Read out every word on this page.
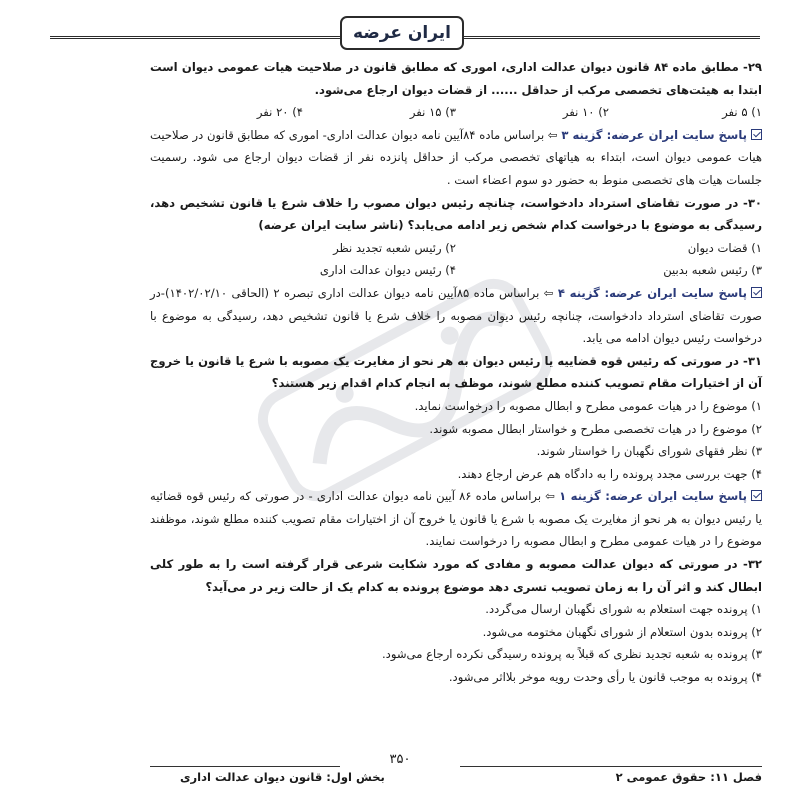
ایران عرضه

۲۹- مطابق ماده ۸۴ قانون دیوان عدالت اداری، اموری که مطابق قانون در صلاحیت هیات عمومی دیوان است ابتدا به هیئت‌های تخصصی مرکب از حداقل ...... از قضات دیوان ارجاع می‌شود.

۱) ۵ نفر
۲) ۱۰ نفر
۳) ۱۵ نفر
۴) ۲۰ نفر

پاسخ سایت ایران عرضه: گزینه ۳ ⇦ براساس ماده ۸۴آیین نامه دیوان عدالت اداری- اموری که مطابق قانون در صلاحیت هیات عمومی دیوان است، ابتداء به هیاتهای تخصصی مرکب از حداقل پانزده نفر از قضات دیوان ارجاع می شود. رسمیت جلسات هیات های تخصصی منوط به حضور دو سوم اعضاء است .

۳۰- در صورت تقاضای استرداد دادخواست، چنانچه رئیس دیوان مصوب را خلاف شرع یا قانون تشخیص دهد، رسیدگی به موضوع با درخواست کدام شخص زیر ادامه می‌یابد؟ (ناشر سایت ایران عرضه)

۱) قضات دیوان
۲) رئیس شعبه تجدید نظر
۳) رئیس شعبه بدبین
۴) رئیس دیوان عدالت اداری

پاسخ سایت ایران عرضه: گزینه ۴ ⇦ براساس ماده ۸۵آیین نامه دیوان عدالت اداری تبصره ۲ (الحاقی ۱۴۰۲/۰۲/۱۰)-در صورت تقاضای استرداد دادخواست، چنانچه رئیس دیوان مصوبه را خلاف شرع یا قانون تشخیص دهد، رسیدگی به موضوع با درخواست رئیس دیوان ادامه می یابد.

۳۱- در صورتی که رئیس قوه قضاییه یا رئیس دیوان به هر نحو از مغایرت یک مصوبه با شرع یا قانون یا خروج آن از اختیارات مقام تصویب کننده مطلع شوند، موظف به انجام کدام اقدام زیر هستند؟

۱) موضوع را در هیات عمومی مطرح و ابطال مصوبه را درخواست نماید.

۲) موضوع را در هیات تخصصی مطرح و خواستار ابطال مصوبه شوند.

۳) نظر فقهای شورای نگهبان را خواستار شوند.

۴) جهت بررسی مجدد پرونده را به دادگاه هم عرض ارجاع دهند.

پاسخ سایت ایران عرضه: گزینه ۱ ⇦ براساس ماده ۸۶ آیین نامه دیوان عدالت اداری - در صورتی که رئیس قوه قضائیه یا رئیس دیوان به هر نحو از مغایرت یک مصوبه با شرع یا قانون یا خروج آن از اختیارات مقام تصویب کننده مطلع شوند، موظفند موضوع را در هیات عمومی مطرح و ابطال مصوبه را درخواست نمایند.

۳۲- در صورتی که دیوان عدالت مصوبه و مفادی که مورد شکایت شرعی قرار گرفته است را به طور کلی ابطال کند و اثر آن را به زمان تصویب تسری دهد موضوع پرونده به کدام یک از حالت زیر در می‌آید؟

۱) پرونده جهت استعلام به شورای نگهبان ارسال می‌گردد.

۲) پرونده بدون استعلام از شورای نگهبان مختومه می‌شود.

۳) پرونده به شعبه تجدید نظری که قبلاً به پرونده رسیدگی نکرده ارجاع می‌شود.

۴) پرونده به موجب قانون یا رأی وحدت رویه موخر بلااثر می‌شود.

۳۵۰
فصل ۱۱: حقوق عمومی ۲
بخش اول: قانون دیوان عدالت اداری
